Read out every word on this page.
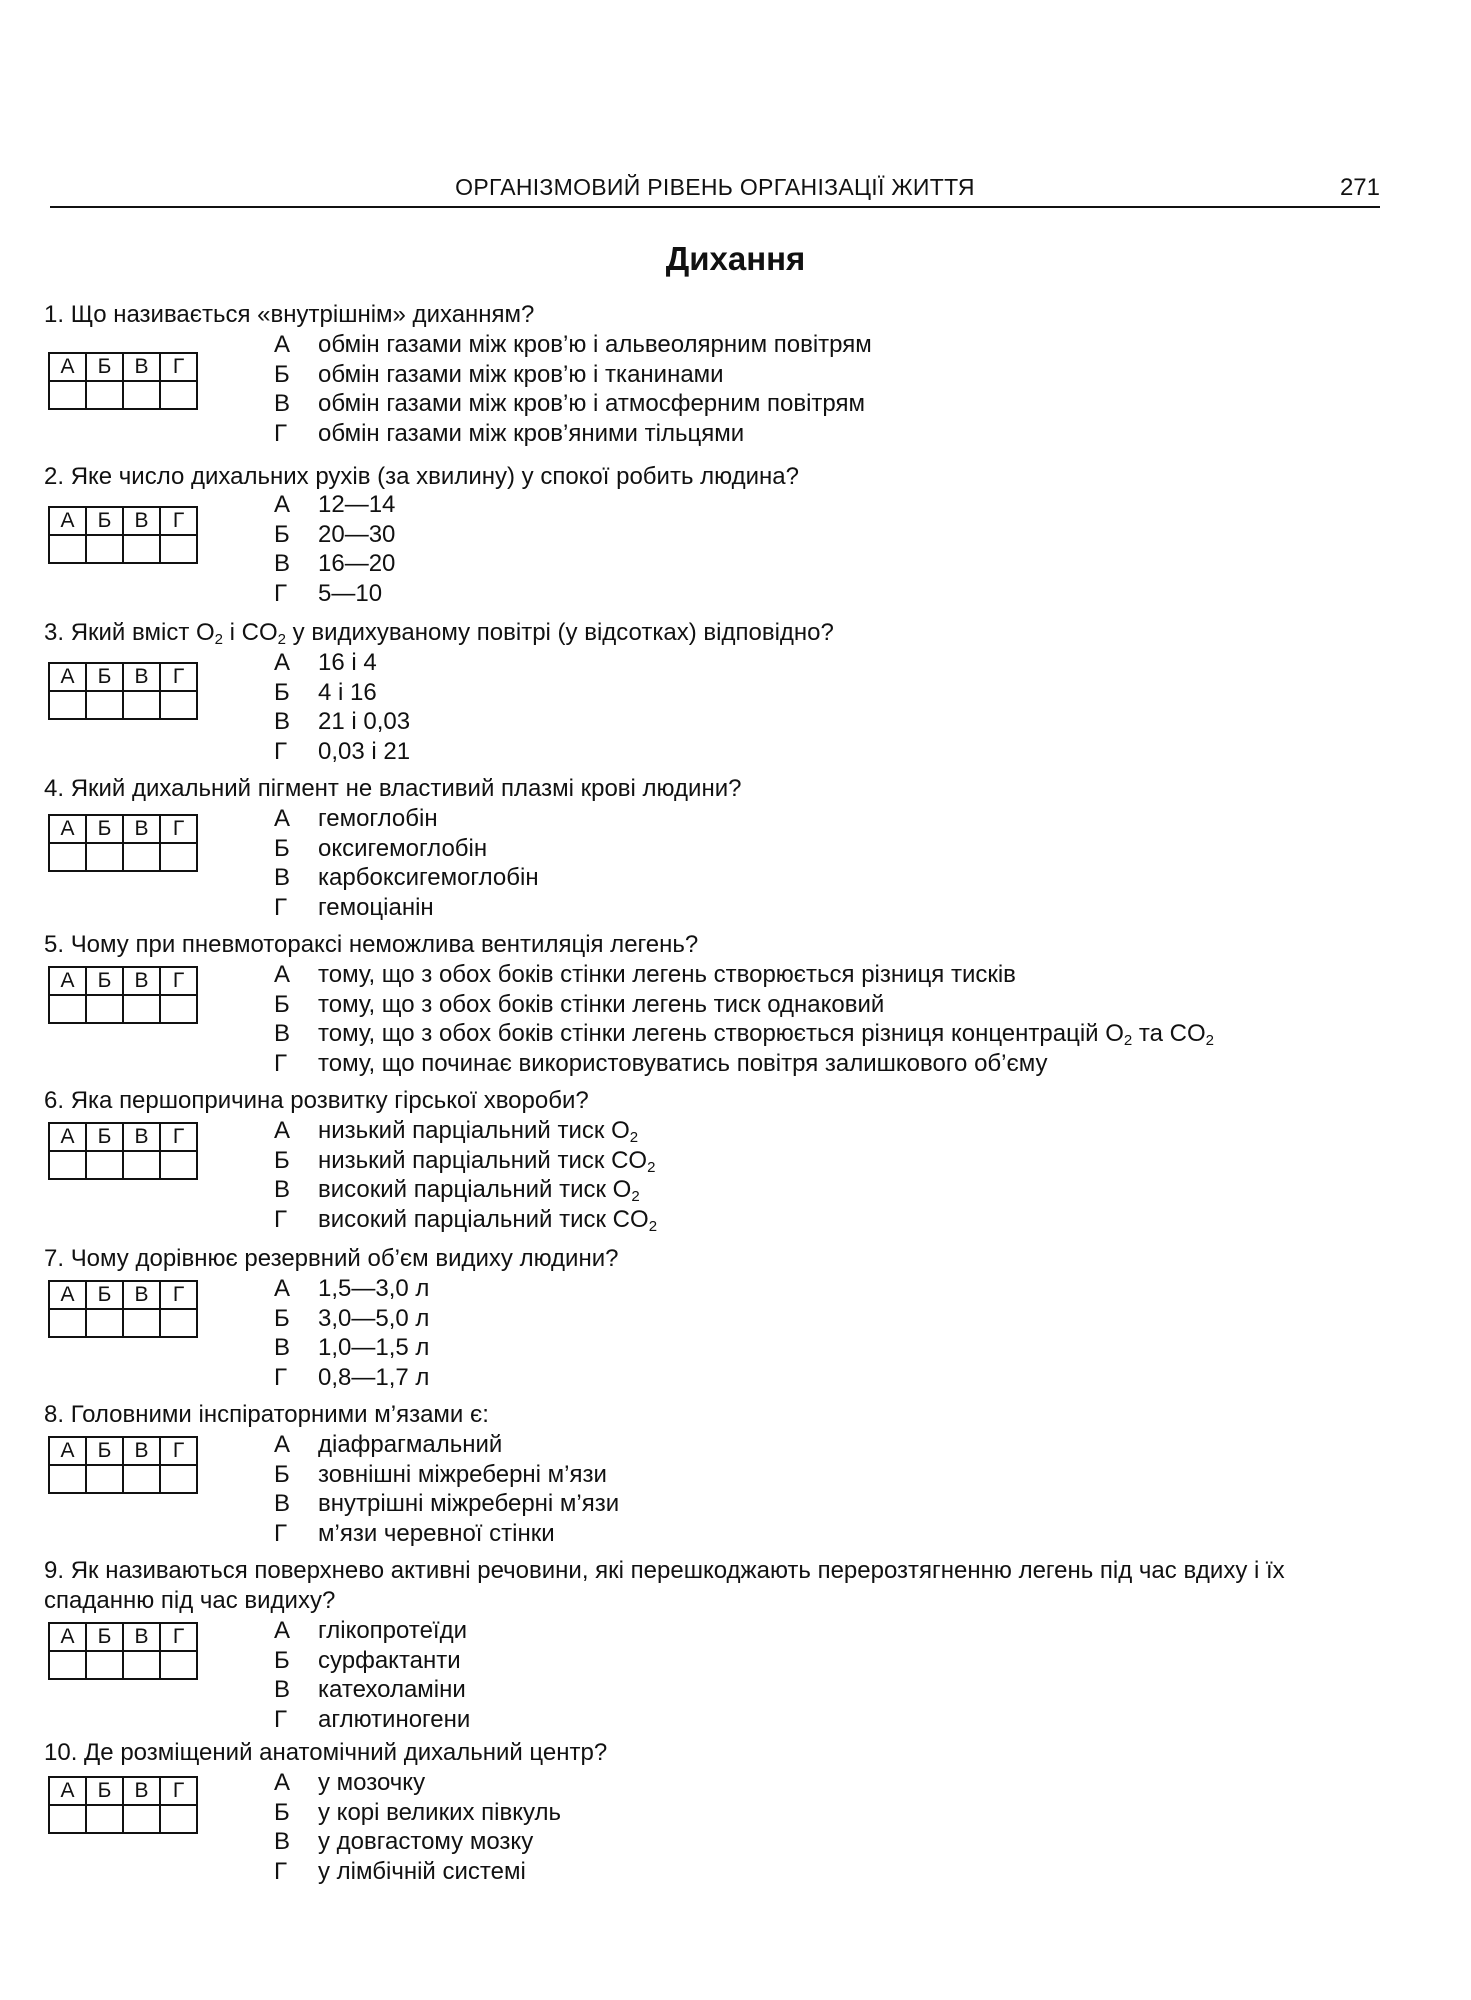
ОРГАНІЗМОВИЙ РІВЕНЬ ОРГАНІЗАЦІЇ ЖИТТЯ	271
Дихання

1. Що називається «внутрішнім» диханням?

А	Б	В	Г

А обмін газами між кров’ю і альвеолярним повітрям
Б обмін газами між кров’ю і тканинами
В обмін газами між кров’ю і атмосферним повітрям
Г обмін газами між кров’яними тільцями

2. Яке число дихальних рухів (за хвилину) у спокої робить людина?

А	Б	В	Г

А 12—14
Б 20—30
В 16—20
Г 5—10

3. Який вміст $O_2$ і $CO_2$ у видихуваному повітрі (у відсотках) відповідно?

А	Б	В	Г

А 16 і 4
Б 4 і 16
В 21 і 0,03
Г 0,03 і 21

4. Який дихальний пігмент не властивий плазмі крові людини?

А	Б	В	Г
				А гемоглобін
Б оксигемоглобін
В карбоксигемоглобін
Г гемоціанін

5. Чому при пневмотораксі неможлива вентиляція легень?

А	Б	В	Г
				А тому, що з обох боків стінки легень створюється різниця тисків
Б тому, що з обох боків стінки легень тиск однаковий
В тому, що з обох боків стінки легень створюється різниця концентрацій $O_2$ та $CO_2$
Г тому, що починає використовуватись повітря залишкового об’єму

6. Яка першопричина розвитку гірської хвороби?

А	Б	В	Г
				А низький парціальний тиск $O_2$
Б низький парціальний тиск $CO_2$
В високий парціальний тиск $O_2$
Г високий парціальний тиск $CO_2$

7. Чому дорівнює резервний об’єм видиху людини?

А	Б	В	Г
				А 1,5—3,0 л
Б 3,0—5,0 л
В 1,0—1,5 л
Г 0,8—1,7 л

8. Головними інспіраторними м’язами є:

А	Б	В	Г
				А діафрагмальний
Б зовнішні міжреберні м’язи
В внутрішні міжреберні м’язи
Г м’язи черевної стінки

9. Як називаються поверхнево активні речовини, які перешкоджають перерозтягненню легень під час вдиху і їх спаданню під час видиху?

А	Б	В	Г
				А глікопротеїди
Б сурфактанти
В катехоламіни
Г аглютиногени

10. Де розміщений анатомічний дихальний центр?

А	Б	В	Г
				А у мозочку
Б у корі великих півкуль
В у довгастому мозку
Г у лімбічній системі
